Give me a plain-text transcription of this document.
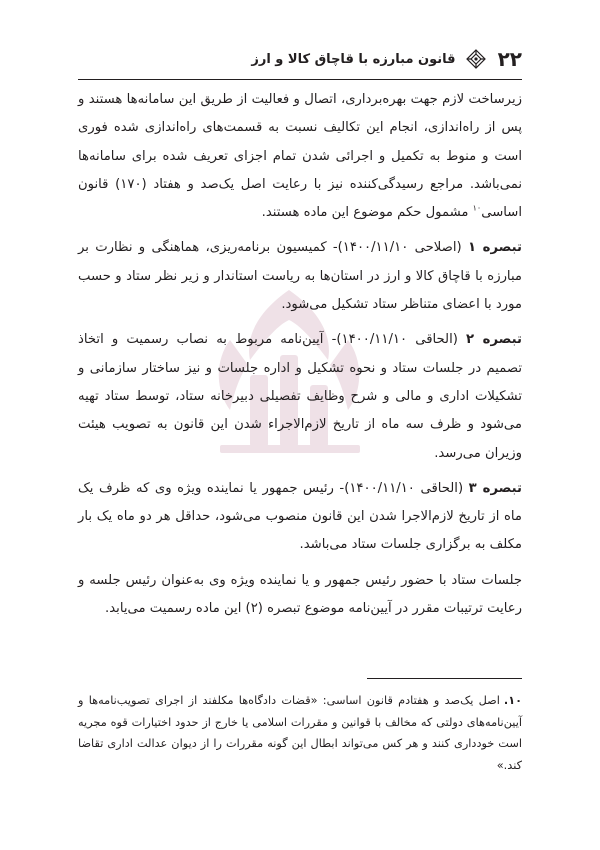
۲۲
قانون مبارزه با قاچاق کالا و ارز

زیرساخت لازم جهت بهره‌برداری، اتصال و فعالیت از طریق این سامانه‌ها هستند و پس از راه‌اندازی، انجام این تکالیف نسبت به قسمت‌های راه‌اندازی شده فوری است و منوط به تکمیل و اجرائی شدن تمام اجزای تعریف شده برای سامانه‌ها نمی‌باشد. مراجع رسیدگی‌کننده نیز با رعایت اصل یک‌صد و هفتاد (۱۷۰) قانون اساسی$^{۱۰}$ مشمول حکم موضوع این ماده هستند.

تبصره ۱ (اصلاحی ۱۴۰۰/۱۱/۱۰)- کمیسیون برنامه‌ریزی، هماهنگی و نظارت بر مبارزه با قاچاق کالا و ارز در استان‌ها به ریاست استاندار و زیر نظر ستاد و حسب مورد با اعضای متناظر ستاد تشکیل می‌شود.

تبصره ۲ (الحاقی ۱۴۰۰/۱۱/۱۰)- آیین‌نامه مربوط به نصاب رسمیت و اتخاذ تصمیم در جلسات ستاد و نحوه تشکیل و اداره جلسات و نیز ساختار سازمانی و تشکیلات اداری و مالی و شرح وظایف تفصیلی دبیرخانه ستاد، توسط ستاد تهیه می‌شود و ظرف سه ماه از تاریخ لازم‌الاجراء شدن این قانون به تصویب هیئت وزیران می‌رسد.

تبصره ۳ (الحاقی ۱۴۰۰/۱۱/۱۰)- رئیس جمهور یا نماینده ویژه وی که ظرف یک ماه از تاریخ لازم‌الاجرا شدن این قانون منصوب می‌شود، حداقل هر دو ماه یک بار مکلف به برگزاری جلسات ستاد می‌باشد.

جلسات ستاد با حضور رئیس جمهور و یا نماینده ویژه وی به‌عنوان رئیس جلسه و رعایت ترتیبات مقرر در آیین‌نامه موضوع تبصره (۲) این ماده رسمیت می‌یابد.

۱۰.اصل یک‌صد و هفتادم قانون اساسی: «قضات دادگاه‌ها مکلفند از اجرای تصویب‌نامه‌ها و آیین‌نامه‌های دولتی که مخالف با قوانین و مقررات اسلامی یا خارج از حدود اختیارات قوه مجریه است خودداری کنند و هر کس می‌تواند ابطال این گونه مقررات را از دیوان عدالت اداری تقاضا کند.»
